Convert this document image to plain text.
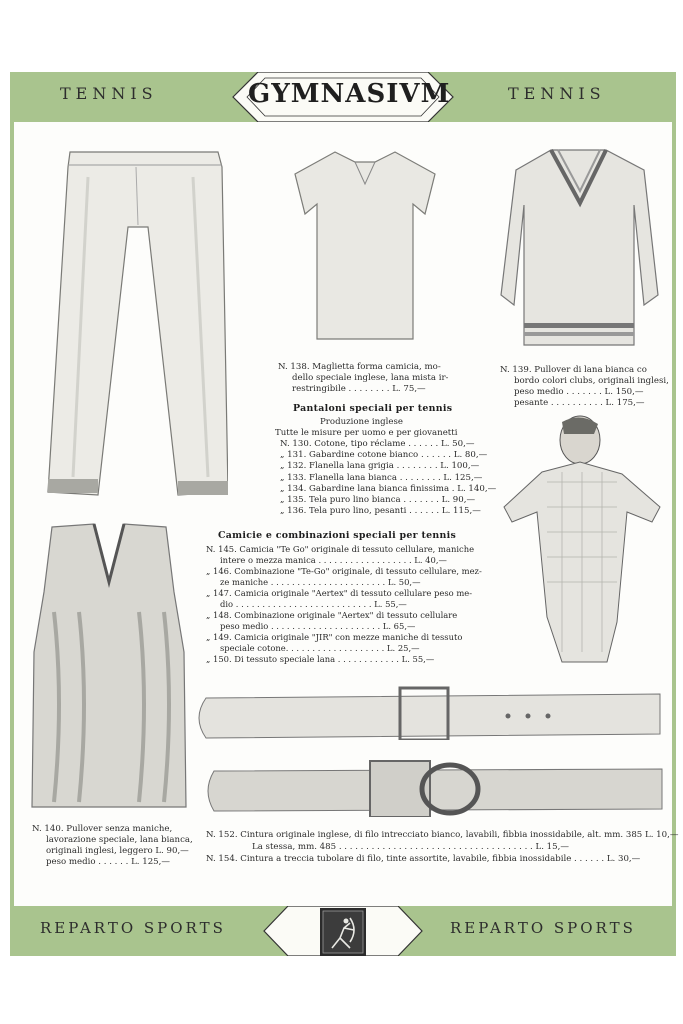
TENNIS	GYMNASIVM	TENNIS
N. 138. Maglietta forma camicia, mo-
dello speciale inglese, lana mista ir-
restringibile . . . . . . . . L. 75,—
N. 139. Pullover di lana bianca co
bordo colori clubs, originali inglesi,
peso medio . . . . . . . L. 150,—
pesante . . . . . . . . . . L. 175,—
N. 140. Pullover senza maniche,
lavorazione speciale, lana bianca,
originali inglesi, leggero L. 90,—
peso medio . . . . . . L. 125,—
Pantaloni speciali per tennis
Produzione inglese
Tutte le misure per uomo e per giovanetti
N. 130. Cotone, tipo réclame . . . . . . L. 50,—
„ 131. Gabardine cotone bianco . . . . . . L. 80,—
„ 132. Flanella lana grigia . . . . . . . . L. 100,—
„ 133. Flanella lana bianca . . . . . . . . L. 125,—
„ 134. Gabardine lana bianca finissima . L. 140,—
„ 135. Tela puro lino bianca . . . . . . . L. 90,—
„ 136. Tela puro lino, pesanti . . . . . . L. 115,—
Camicie e combinazioni speciali per tennis
N. 145. Camicia "Te Go" originale di tessuto cellulare, maniche
intere o mezza manica . . . . . . . . . . . . . . . . . . L. 40,—
„ 146. Combinazione "Te-Go" originale, di tessuto cellulare, mez-
ze maniche . . . . . . . . . . . . . . . . . . . . . . L. 50,—
„ 147. Camicia originale "Aertex" di tessuto cellulare peso me-
dio . . . . . . . . . . . . . . . . . . . . . . . . . . L. 55,—
„ 148. Combinazione originale "Aertex" di tessuto cellulare
peso medio . . . . . . . . . . . . . . . . . . . . . L. 65,—
„ 149. Camicia originale "JIR" con mezze maniche di tessuto
speciale cotone. . . . . . . . . . . . . . . . . . . L. 25,—
„ 150. Di tessuto speciale lana . . . . . . . . . . . . L. 55,—
N. 152. Cintura originale inglese, di filo intrecciato bianco, lavabili, fibbia inossidabile, alt. mm. 385 L. 10,—
La stessa, mm. 485 . . . . . . . . . . . . . . . . . . . . . . . . . . . . . . . . . . . . L. 15,—
N. 154. Cintura a treccia tubolare di filo, tinte assortite, lavabile, fibbia inossidabile . . . . . . L. 30,—
REPARTO SPORTS	REPARTO SPORTS
